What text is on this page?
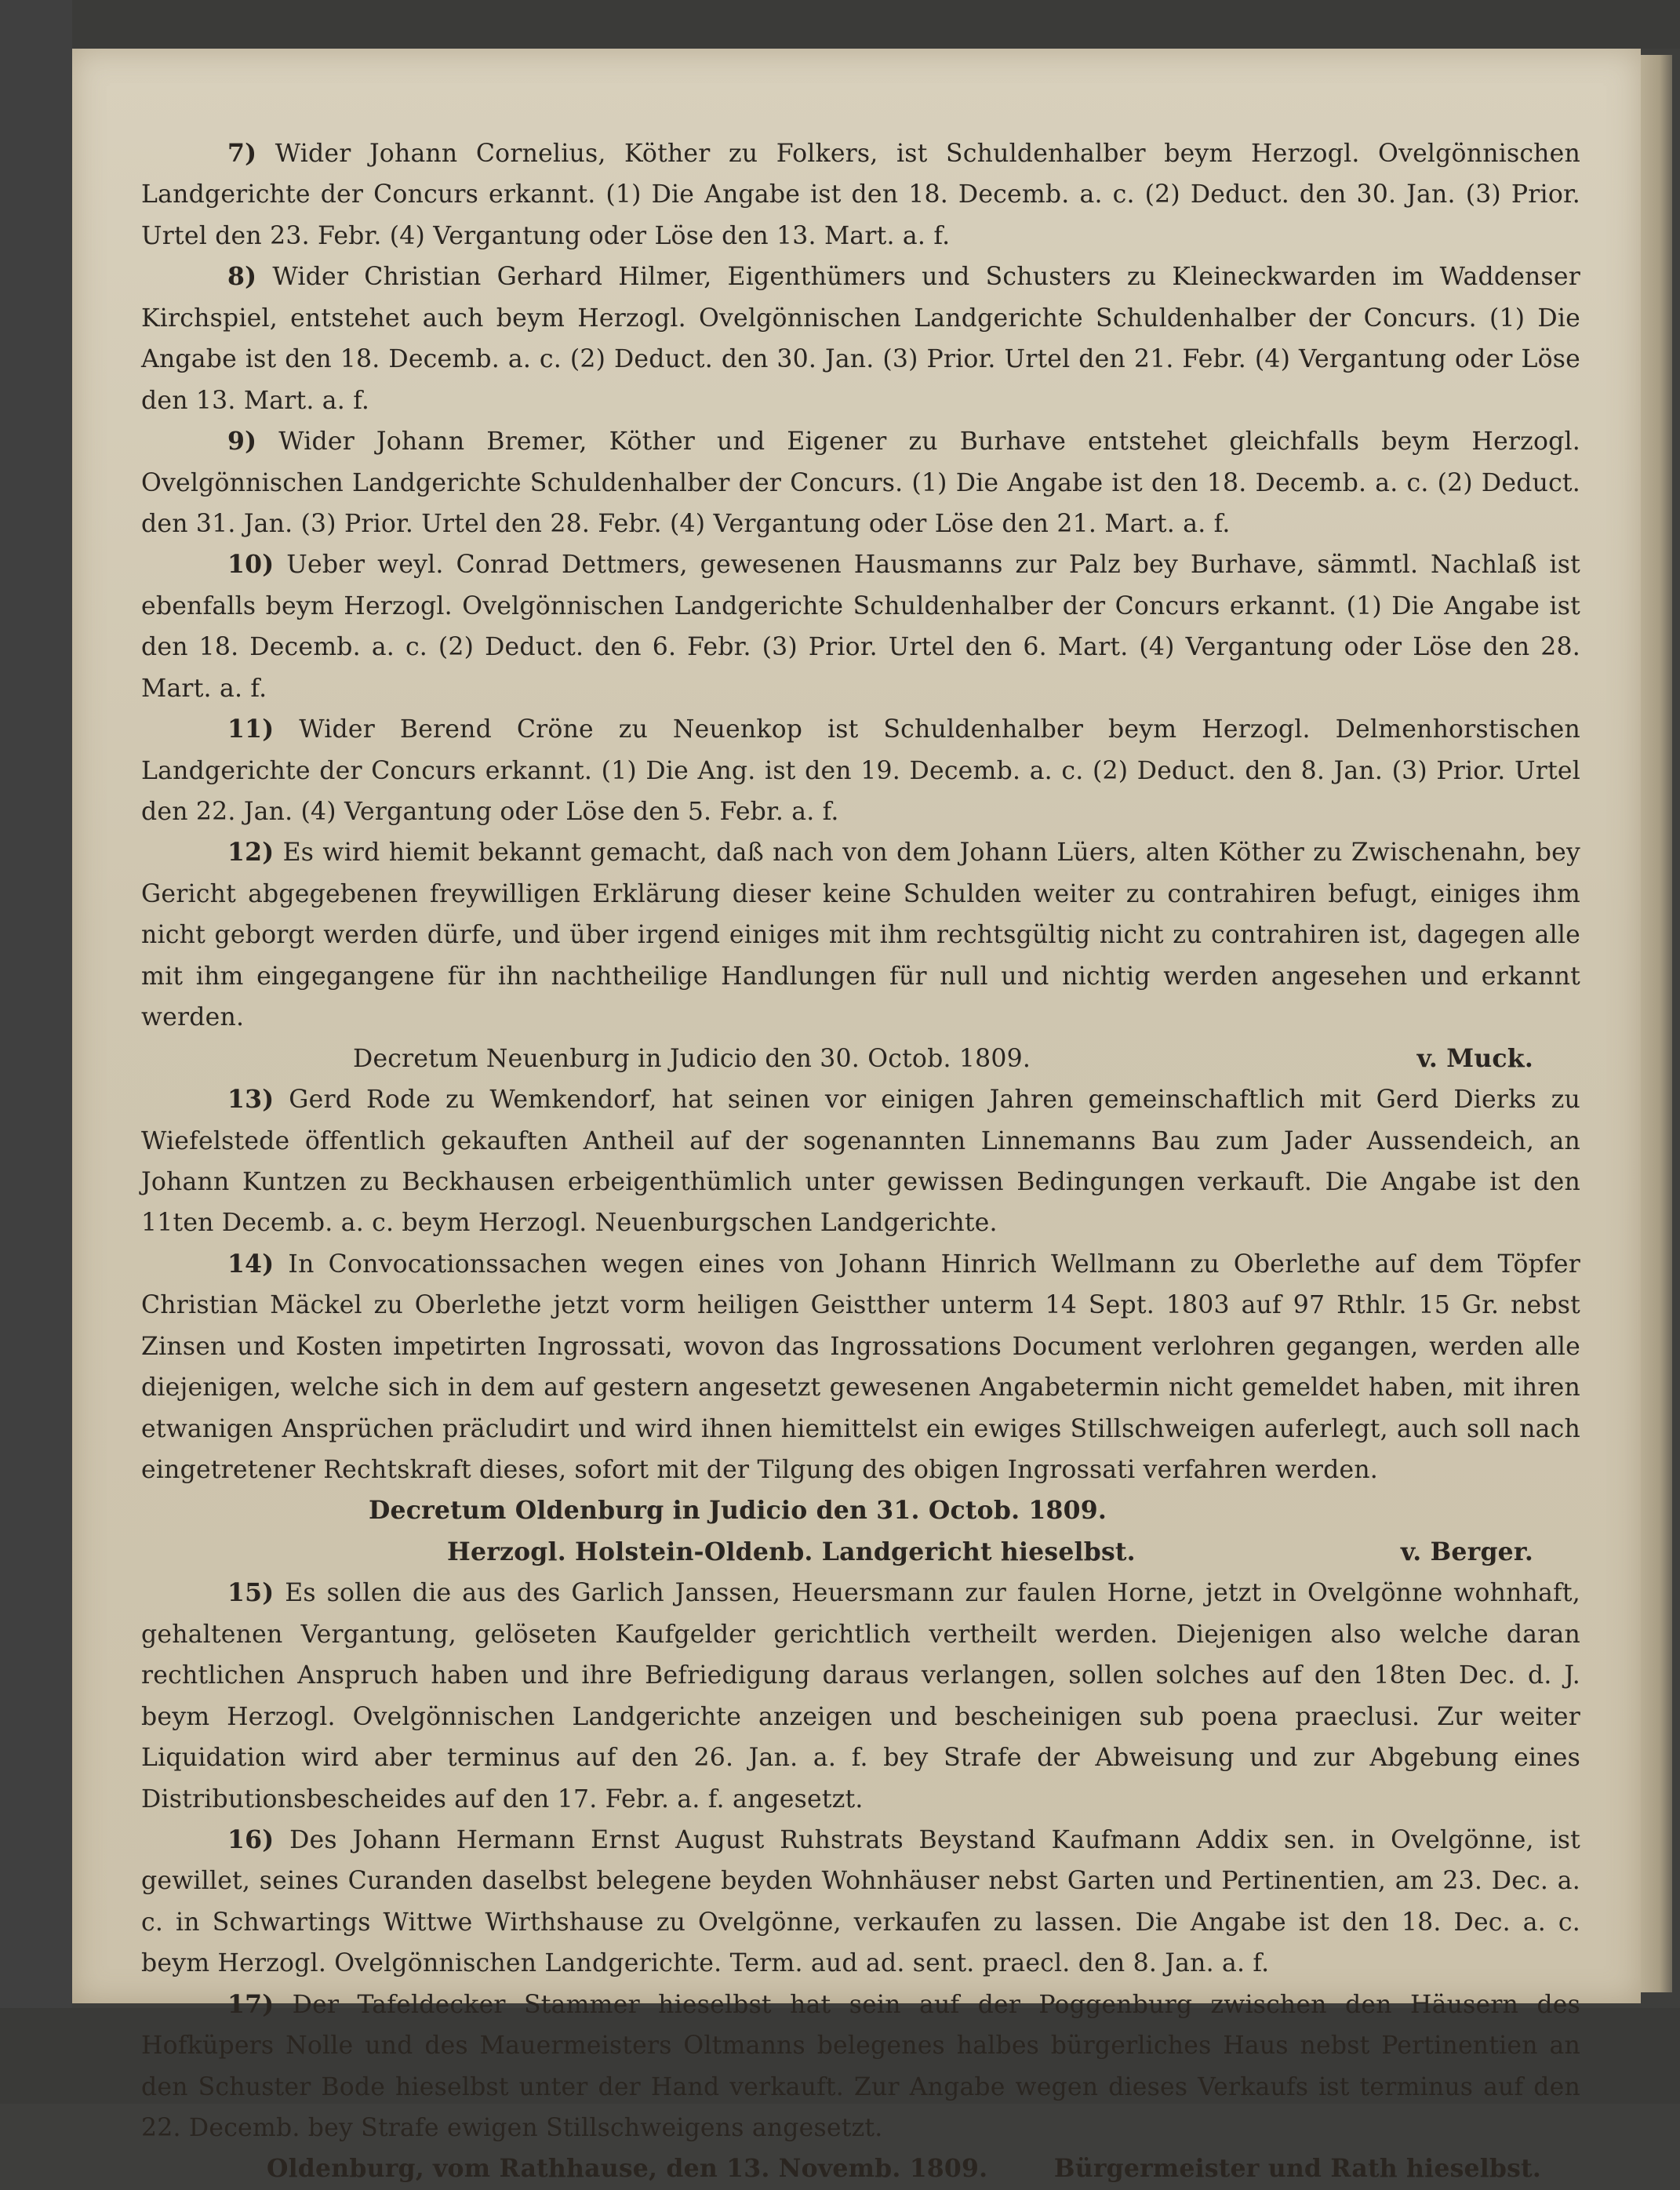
7) Wider Johann Cornelius, Köther zu Folkers, ist Schuldenhalber beym Herzogl. Ovelgönnischen Landgerichte der Concurs erkannt. (1) Die Angabe ist den 18. Decemb. a. c. (2) Deduct. den 30. Jan. (3) Prior. Urtel den 23. Febr. (4) Vergantung oder Löse den 13. Mart. a. f.

8) Wider Christian Gerhard Hilmer, Eigenthümers und Schusters zu Kleineckwarden im Waddenser Kirchspiel, entstehet auch beym Herzogl. Ovelgönnischen Landgerichte Schuldenhalber der Concurs. (1) Die Angabe ist den 18. Decemb. a. c. (2) Deduct. den 30. Jan. (3) Prior. Urtel den 21. Febr. (4) Vergantung oder Löse den 13. Mart. a. f.

9) Wider Johann Bremer, Köther und Eigener zu Burhave entstehet gleichfalls beym Herzogl. Ovelgönnischen Landgerichte Schuldenhalber der Concurs. (1) Die Angabe ist den 18. Decemb. a. c. (2) Deduct. den 31. Jan. (3) Prior. Urtel den 28. Febr. (4) Vergantung oder Löse den 21. Mart. a. f.

10) Ueber weyl. Conrad Dettmers, gewesenen Hausmanns zur Palz bey Burhave, sämmtl. Nachlaß ist ebenfalls beym Herzogl. Ovelgönnischen Landgerichte Schuldenhalber der Concurs erkannt. (1) Die Angabe ist den 18. Decemb. a. c. (2) Deduct. den 6. Febr. (3) Prior. Urtel den 6. Mart. (4) Vergantung oder Löse den 28. Mart. a. f.

11) Wider Berend Cröne zu Neuenkop ist Schuldenhalber beym Herzogl. Delmenhorstischen Landgerichte der Concurs erkannt. (1) Die Ang. ist den 19. Decemb. a. c. (2) Deduct. den 8. Jan. (3) Prior. Urtel den 22. Jan. (4) Vergantung oder Löse den 5. Febr. a. f.

12) Es wird hiemit bekannt gemacht, daß nach von dem Johann Lüers, alten Köther zu Zwischenahn, bey Gericht abgegebenen freywilligen Erklärung dieser keine Schulden weiter zu contrahiren befugt, einiges ihm nicht geborgt werden dürfe, und über irgend einiges mit ihm rechtsgültig nicht zu contrahiren ist, dagegen alle mit ihm eingegangene für ihn nachtheilige Handlungen für null und nichtig werden angesehen und erkannt werden.

Decretum Neuenburg in Judicio den 30. Octob. 1809.	v. Muck.

13) Gerd Rode zu Wemkendorf, hat seinen vor einigen Jahren gemeinschaftlich mit Gerd Dierks zu Wiefelstede öffentlich gekauften Antheil auf der sogenannten Linnemanns Bau zum Jader Aussendeich, an Johann Kuntzen zu Beckhausen erbeigenthümlich unter gewissen Bedingungen verkauft. Die Angabe ist den 11ten Decemb. a. c. beym Herzogl. Neuenburgschen Landgerichte.

14) In Convocationssachen wegen eines von Johann Hinrich Wellmann zu Oberlethe auf dem Töpfer Christian Mäckel zu Oberlethe jetzt vorm heiligen Geistther unterm 14 Sept. 1803 auf 97 Rthlr. 15 Gr. nebst Zinsen und Kosten impetirten Ingrossati, wovon das Ingrossations Document verlohren gegangen, werden alle diejenigen, welche sich in dem auf gestern angesetzt gewesenen Angabetermin nicht gemeldet haben, mit ihren etwanigen Ansprüchen präcludirt und wird ihnen hiemittelst ein ewiges Stillschweigen auferlegt, auch soll nach eingetretener Rechtskraft dieses, sofort mit der Tilgung des obigen Ingrossati verfahren werden.

Decretum Oldenburg in Judicio den 31. Octob. 1809.
Herzogl. Holstein-Oldenb. Landgericht hieselbst.	v. Berger.

15) Es sollen die aus des Garlich Janssen, Heuersmann zur faulen Horne, jetzt in Ovelgönne wohnhaft, gehaltenen Vergantung, gelöseten Kaufgelder gerichtlich vertheilt werden. Diejenigen also welche daran rechtlichen Anspruch haben und ihre Befriedigung daraus verlangen, sollen solches auf den 18ten Dec. d. J. beym Herzogl. Ovelgönnischen Landgerichte anzeigen und bescheinigen sub poena praeclusi. Zur weiter Liquidation wird aber terminus auf den 26. Jan. a. f. bey Strafe der Abweisung und zur Abgebung eines Distributionsbescheides auf den 17. Febr. a. f. angesetzt.

16) Des Johann Hermann Ernst August Ruhstrats Beystand Kaufmann Addix sen. in Ovelgönne, ist gewillet, seines Curanden daselbst belegene beyden Wohnhäuser nebst Garten und Pertinentien, am 23. Dec. a. c. in Schwartings Wittwe Wirthshause zu Ovelgönne, verkaufen zu lassen. Die Angabe ist den 18. Dec. a. c. beym Herzogl. Ovelgönnischen Landgerichte. Term. aud ad. sent. praecl. den 8. Jan. a. f.

17) Der Tafeldecker Stammer hieselbst hat sein auf der Poggenburg zwischen den Häusern des Hofküpers Nolle und des Mauermeisters Oltmanns belegenes halbes bürgerliches Haus nebst Pertinentien an den Schuster Bode hieselbst unter der Hand verkauft. Zur Angabe wegen dieses Verkaufs ist terminus auf den 22. Decemb. bey Strafe ewigen Stillschweigens angesetzt.

Oldenburg, vom Rathhause, den 13. Novemb. 1809.	Bürgermeister und Rath hieselbst.
